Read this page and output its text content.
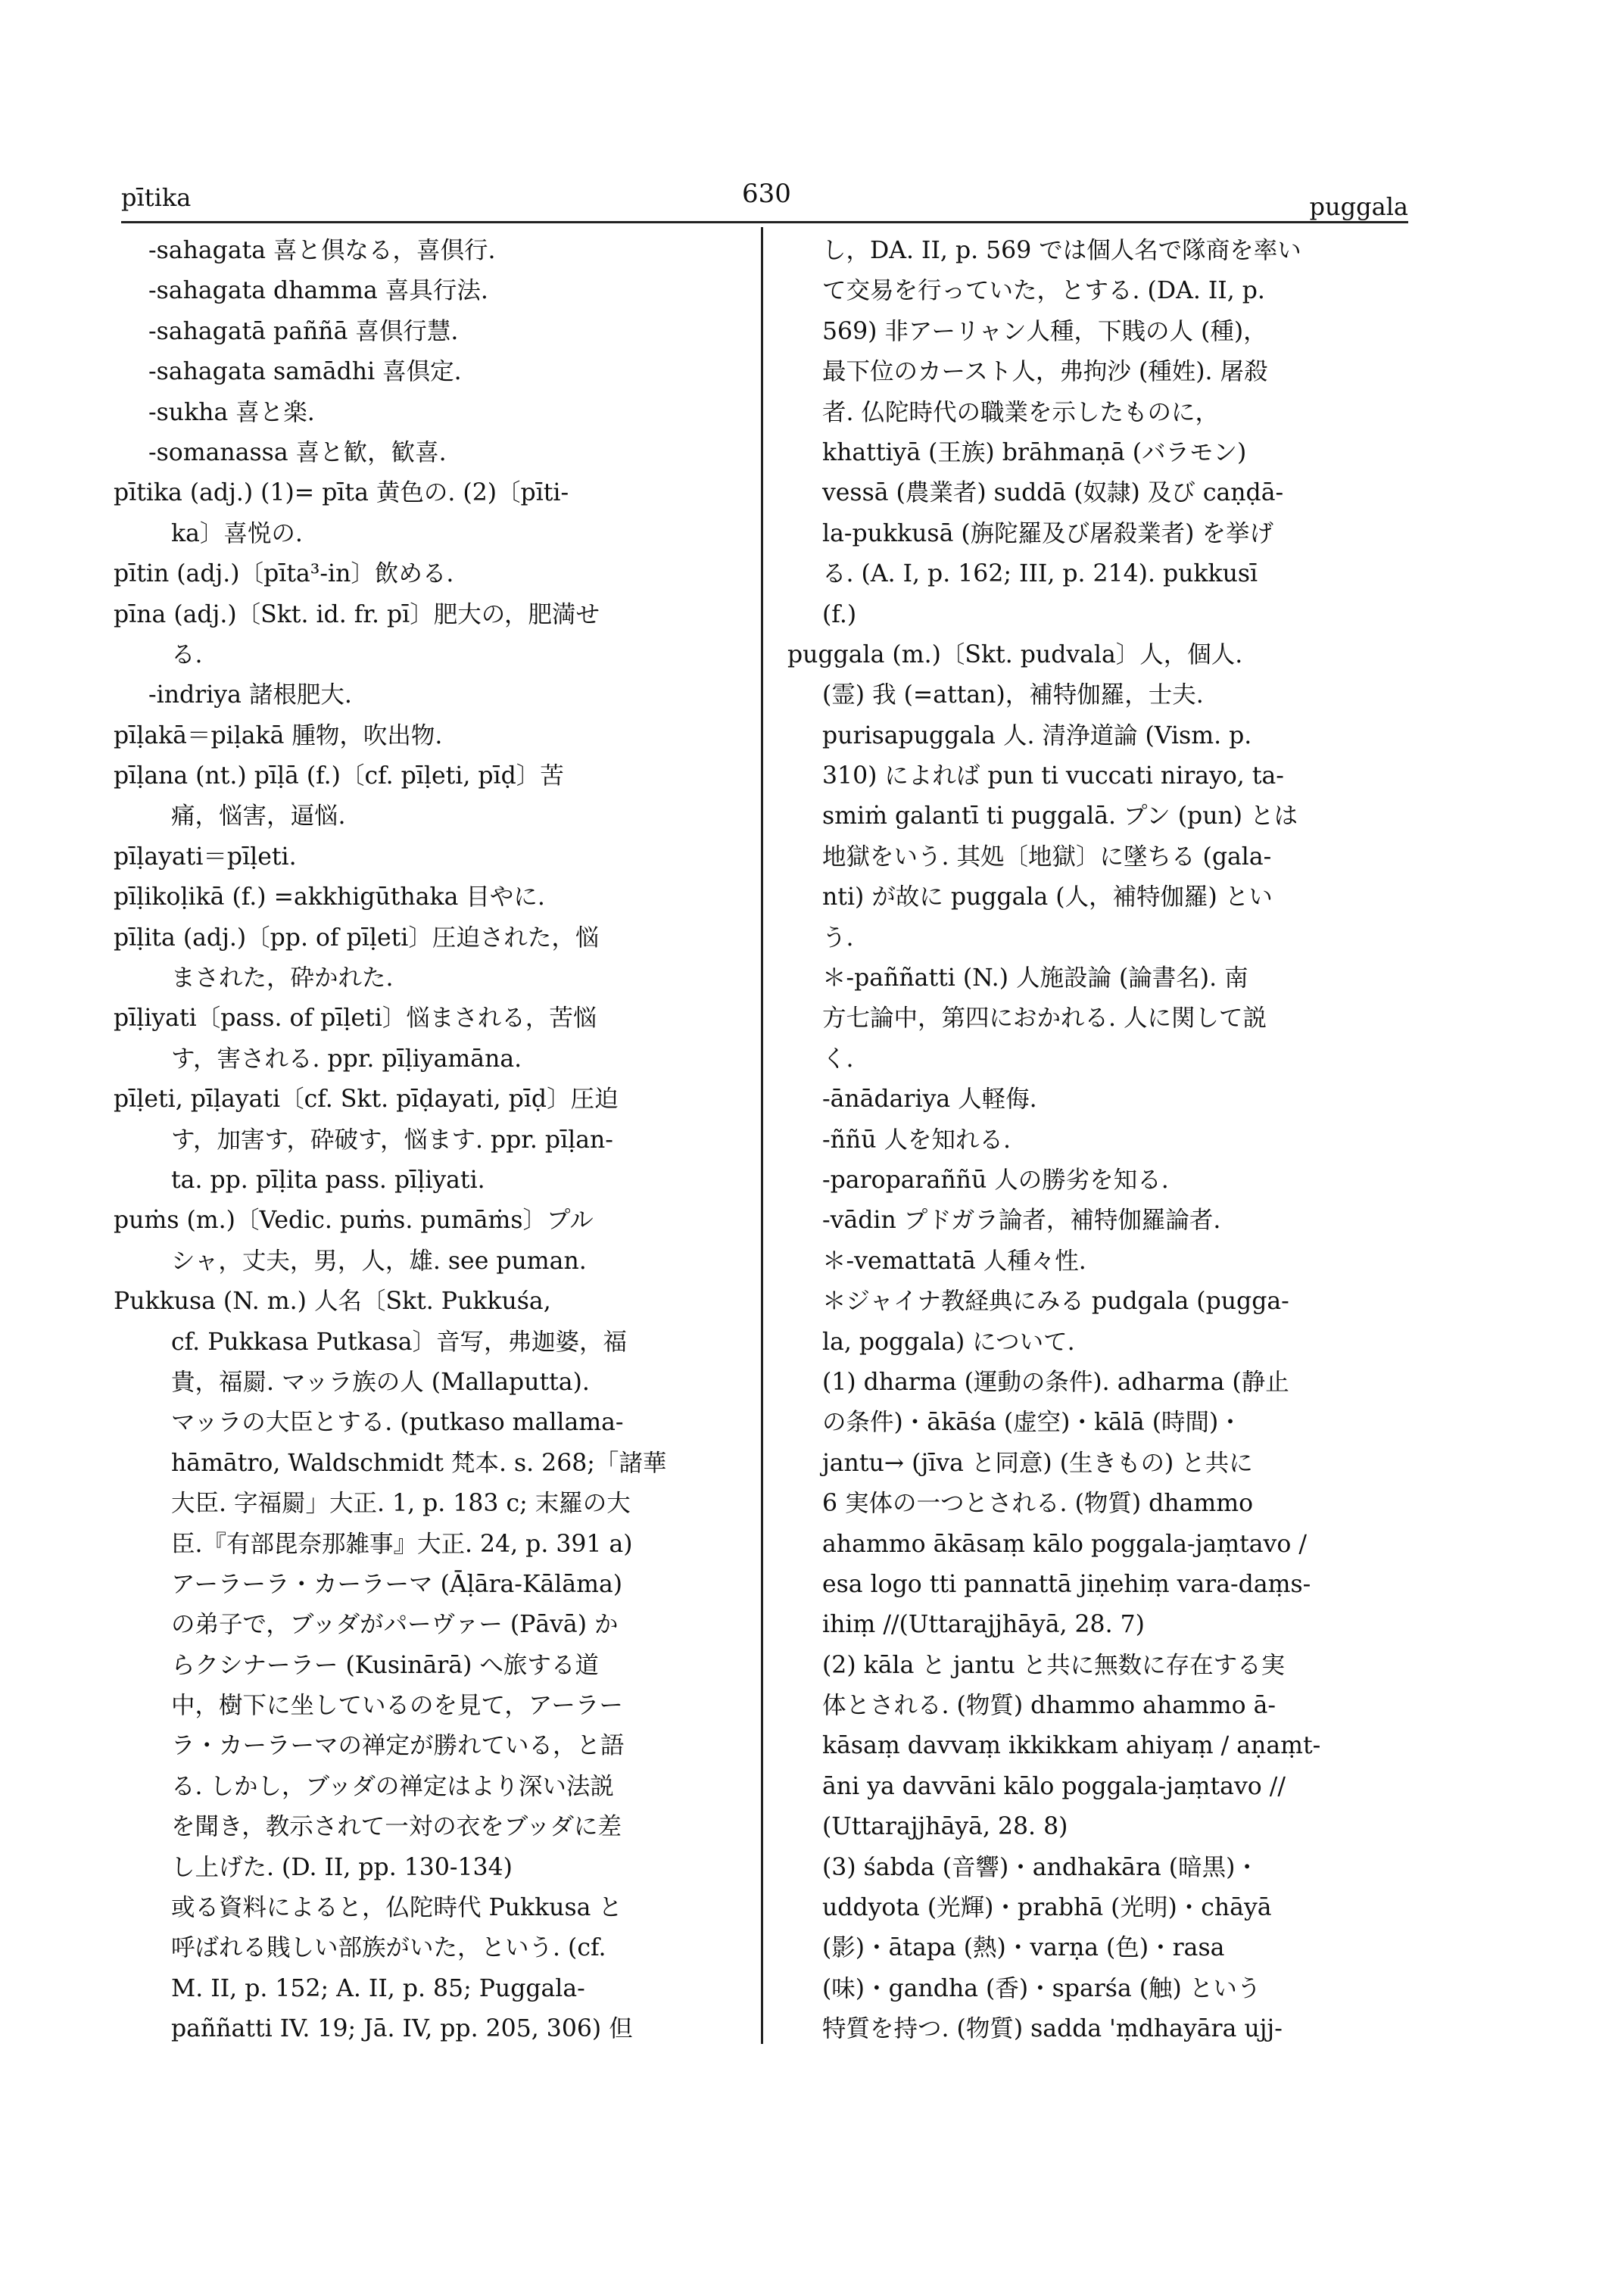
pītika	630	puggala
-sahagata 喜と倶なる，喜倶行.
-sahagata dhamma 喜具行法.
-sahagatā paññā 喜倶行慧.
-sahagata samādhi 喜倶定.
-sukha 喜と楽.
-somanassa 喜と歓，歓喜.
pītika (adj.) (1)= pīta 黄色の. (2)〔pīti-
ka〕喜悦の.
pītin (adj.)〔pīta³-in〕飲める.
pīna (adj.)〔Skt. id. fr. pī〕肥大の，肥満せ
る.
-indriya 諸根肥大.
pīḷakā＝piḷakā 腫物，吹出物.
pīḷana (nt.) pīḷā (f.)〔cf. pīḷeti, pīḍ〕苦
痛，悩害，逼悩.
pīḷayati＝pīḷeti.
pīḷikoḷikā (f.) =akkhigūthaka 目やに.
pīḷita (adj.)〔pp. of pīḷeti〕圧迫された，悩
まされた，砕かれた.
pīḷiyati〔pass. of pīḷeti〕悩まされる，苦悩
す，害される. ppr. pīḷiyamāna.
pīḷeti, pīḷayati〔cf. Skt. pīḍayati, pīḍ〕圧迫
す，加害す，砕破す，悩ます. ppr. pīḷan-
ta. pp. pīḷita pass. pīḷiyati.
puṁs (m.)〔Vedic. puṁs. pumāṁs〕プル
シャ，丈夫，男，人，雄. see puman.
Pukkusa (N. m.) 人名〔Skt. Pukkuśa,
cf. Pukkasa Putkasa〕音写，弗迦婆，福
貴，福罽. マッラ族の人 (Mallaputta).
マッラの大臣とする. (putkaso mallama-
hāmātro, Waldschmidt 梵本. s. 268;「諸華
大臣. 字福罽」大正. 1, p. 183 c; 末羅の大
臣.『有部毘奈那雑事』大正. 24, p. 391 a)
アーラーラ・カーラーマ (Āḷāra-Kālāma)
の弟子で，ブッダがパーヴァー (Pāvā) か
らクシナーラー (Kusinārā) へ旅する道
中，樹下に坐しているのを見て，アーラー
ラ・カーラーマの禅定が勝れている，と語
る. しかし，ブッダの禅定はより深い法説
を聞き，教示されて一対の衣をブッダに差
し上げた. (D. II, pp. 130-134)
或る資料によると，仏陀時代 Pukkusa と
呼ばれる賎しい部族がいた，という. (cf.
M. II, p. 152; A. II, p. 85; Puggala-
paññatti IV. 19; Jā. IV, pp. 205, 306) 但
し，DA. II, p. 569 では個人名で隊商を率い
て交易を行っていた，とする. (DA. II, p.
569) 非アーリャン人種，下賎の人 (種)，
最下位のカースト人，弗拘沙 (種姓). 屠殺
者. 仏陀時代の職業を示したものに，
khattiyā (王族) brāhmaṇā (バラモン)
vessā (農業者) suddā (奴隷) 及び caṇḍā-
la-pukkusā (旃陀羅及び屠殺業者) を挙げ
る. (A. I, p. 162; III, p. 214). pukkusī
(f.)
puggala (m.)〔Skt. pudvala〕人，個人.
(霊) 我 (=attan)，補特伽羅，士夫.
purisapuggala 人. 清浄道論 (Vism. p.
310) によれば pun ti vuccati nirayo, ta-
smiṁ galantī ti puggalā. プン (pun) とは
地獄をいう. 其処〔地獄〕に墜ちる (gala-
nti) が故に puggala (人，補特伽羅) とい
う.
＊-paññatti (N.) 人施設論 (論書名). 南
方七論中，第四におかれる. 人に関して説
く.
-ānādariya 人軽侮.
-ññū 人を知れる.
-paroparaññū 人の勝劣を知る.
-vādin プドガラ論者，補特伽羅論者.
＊-vemattatā 人種々性.
＊ジャイナ教経典にみる pudgala (pugga-
la, poggala) について.
(1) dharma (運動の条件). adharma (静止
の条件)・ākāśa (虚空)・kālā (時間)・
jantu→ (jīva と同意) (生きもの) と共に
6 実体の一つとされる. (物質) dhammo
ahammo ākāsaṃ kālo poggala-jaṃtavo /
esa logo tti pannattā jiṇehiṃ vara-daṃs-
ihiṃ //(Uttarajjhāyā, 28. 7)
(2) kāla と jantu と共に無数に存在する実
体とされる. (物質) dhammo ahammo ā-
kāsaṃ davvaṃ ikkikkam ahiyaṃ / aṇaṃt-
āni ya davvāni kālo poggala-jaṃtavo //
(Uttarajjhāyā, 28. 8)
(3) śabda (音響)・andhakāra (暗黒)・
uddyota (光輝)・prabhā (光明)・chāyā
(影)・ātapa (熱)・varṇa (色)・rasa
(味)・gandha (香)・sparśa (触) という
特質を持つ. (物質) sadda 'ṃdhayāra ujj-
